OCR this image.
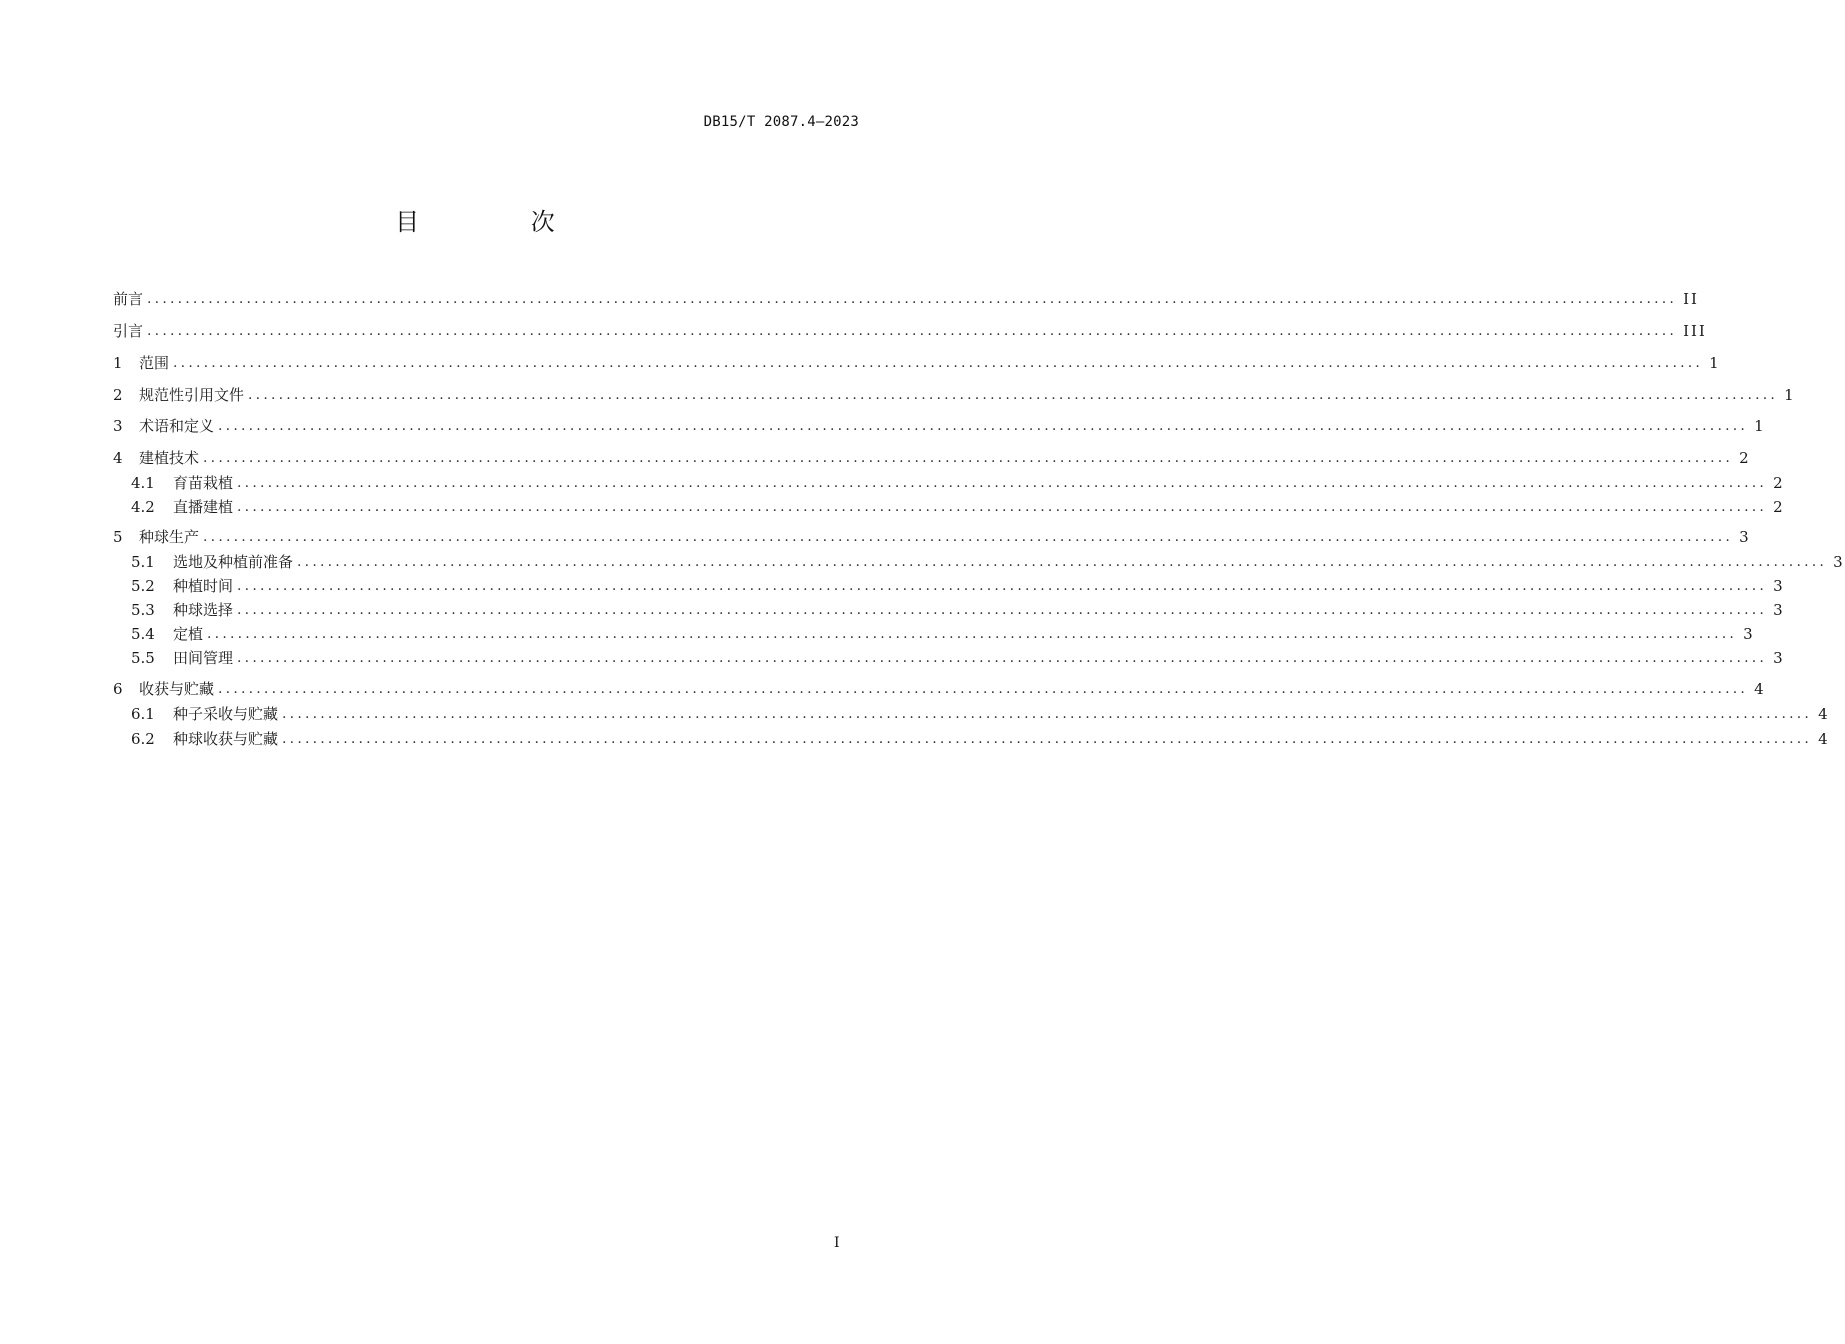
DB15/T 2087.4—2023
目 次
前言 ........................................................................................................................................................................................................ II
引言 ........................................................................................................................................................................................................ III
1	范围 ........................................................................................................................................................................................................ 1
2	规范性引用文件 ........................................................................................................................................................................................................ 1
3	术语和定义 ........................................................................................................................................................................................................ 1
4	建植技术 ........................................................................................................................................................................................................ 2
4.1	育苗栽植 ........................................................................................................................................................................................................ 2
4.2	直播建植 ........................................................................................................................................................................................................ 2
5	种球生产 ........................................................................................................................................................................................................ 3
5.1	选地及种植前准备 ........................................................................................................................................................................................................ 3
5.2	种植时间 ........................................................................................................................................................................................................ 3
5.3	种球选择 ........................................................................................................................................................................................................ 3
5.4	定植 ........................................................................................................................................................................................................ 3
5.5	田间管理 ........................................................................................................................................................................................................ 3
6	收获与贮藏 ........................................................................................................................................................................................................ 4
6.1	种子采收与贮藏 ........................................................................................................................................................................................................ 4
6.2	种球收获与贮藏 ........................................................................................................................................................................................................ 4
I
